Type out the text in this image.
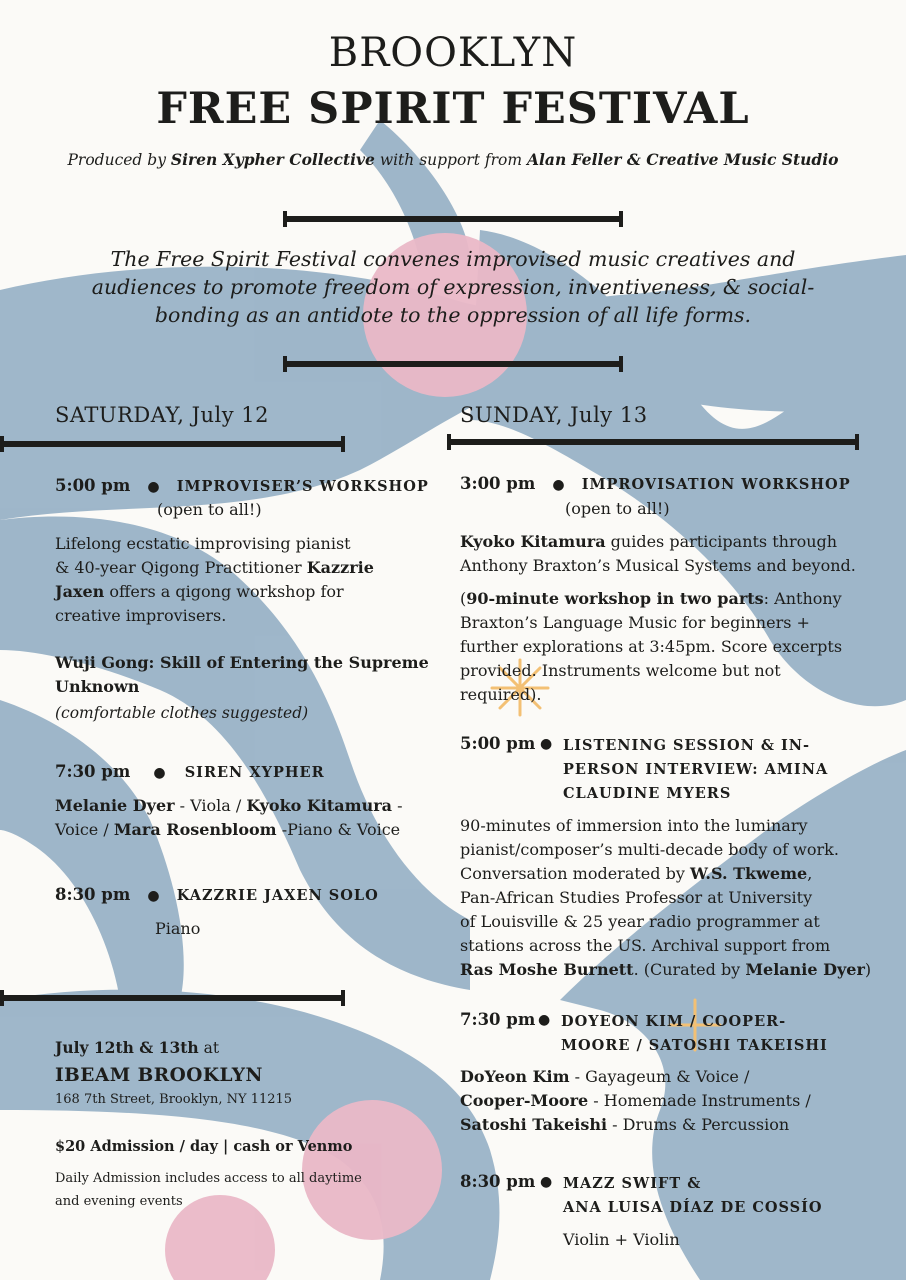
BROOKLYN
FREE SPIRIT FESTIVAL
Produced by Siren Xypher Collective with support from Alan Feller & Creative Music Studio
The Free Spirit Festival convenes improvised music creatives and
audiences to promote freedom of expression, inventiveness, & social-
bonding as an antidote to the oppression of all life forms.
SATURDAY, July 12
5:00 pm ● IMPROVISER’S WORKSHOP
(open to all!)
Lifelong ecstatic improvising pianist
& 40-year Qigong Practitioner Kazzrie
Jaxen offers a qigong workshop for
creative improvisers.
Wuji Gong: Skill of Entering the Supreme
Unknown
(comfortable clothes suggested)
7:30 pm ● SIREN XYPHER
Melanie Dyer - Viola / Kyoko Kitamura -
Voice / Mara Rosenbloom -Piano & Voice
8:30 pm ● KAZZRIE JAXEN SOLO
Piano
July 12th & 13th at
IBEAM BROOKLYN
168 7th Street, Brooklyn, NY 11215
$20 Admission / day | cash or Venmo
Daily Admission includes access to all daytime
and evening events
SUNDAY, July 13
3:00 pm ● IMPROVISATION WORKSHOP
(open to all!)
Kyoko Kitamura guides participants through
Anthony Braxton’s Musical Systems and beyond.
(90-minute workshop in two parts: Anthony
Braxton’s Language Music for beginners +
further explorations at 3:45pm. Score excerpts
provided. Instruments welcome but not
required).
5:00 pm ● LISTENING SESSION & IN-
PERSON INTERVIEW: AMINA
CLAUDINE MYERS
90-minutes of immersion into the luminary
pianist/composer’s multi-decade body of work.
Conversation moderated by W.S. Tkweme,
Pan-African Studies Professor at University
of Louisville & 25 year radio programmer at
stations across the US. Archival support from
Ras Moshe Burnett. (Curated by Melanie Dyer)
7:30 pm ● DOYEON KIM / COOPER-
MOORE / SATOSHI TAKEISHI
DoYeon Kim - Gayageum & Voice /
Cooper-Moore - Homemade Instruments /
Satoshi Takeishi - Drums & Percussion
8:30 pm ● MAZZ SWIFT &
ANA LUISA DÍAZ DE COSSÍO
Violin + Violin
